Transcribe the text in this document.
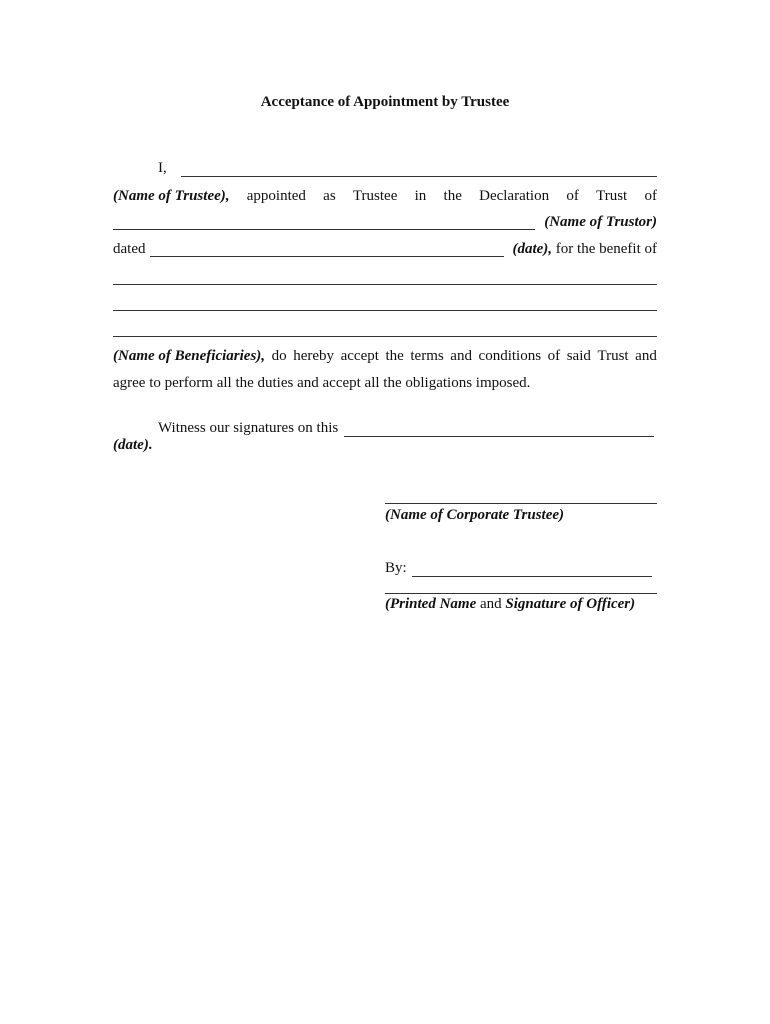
Acceptance of Appointment by Trustee
I,
(Name of Trustee), appointed as Trustee in the Declaration of Trust of
(Name of Trustor)
dated	(date), for the benefit of
(Name of Beneficiaries), do hereby accept the terms and conditions of said Trust and
agree to perform all the duties and accept all the obligations imposed.
Witness our signatures on this
(date).
(Name of Corporate Trustee)
By:
(Printed Name and Signature of Officer)
